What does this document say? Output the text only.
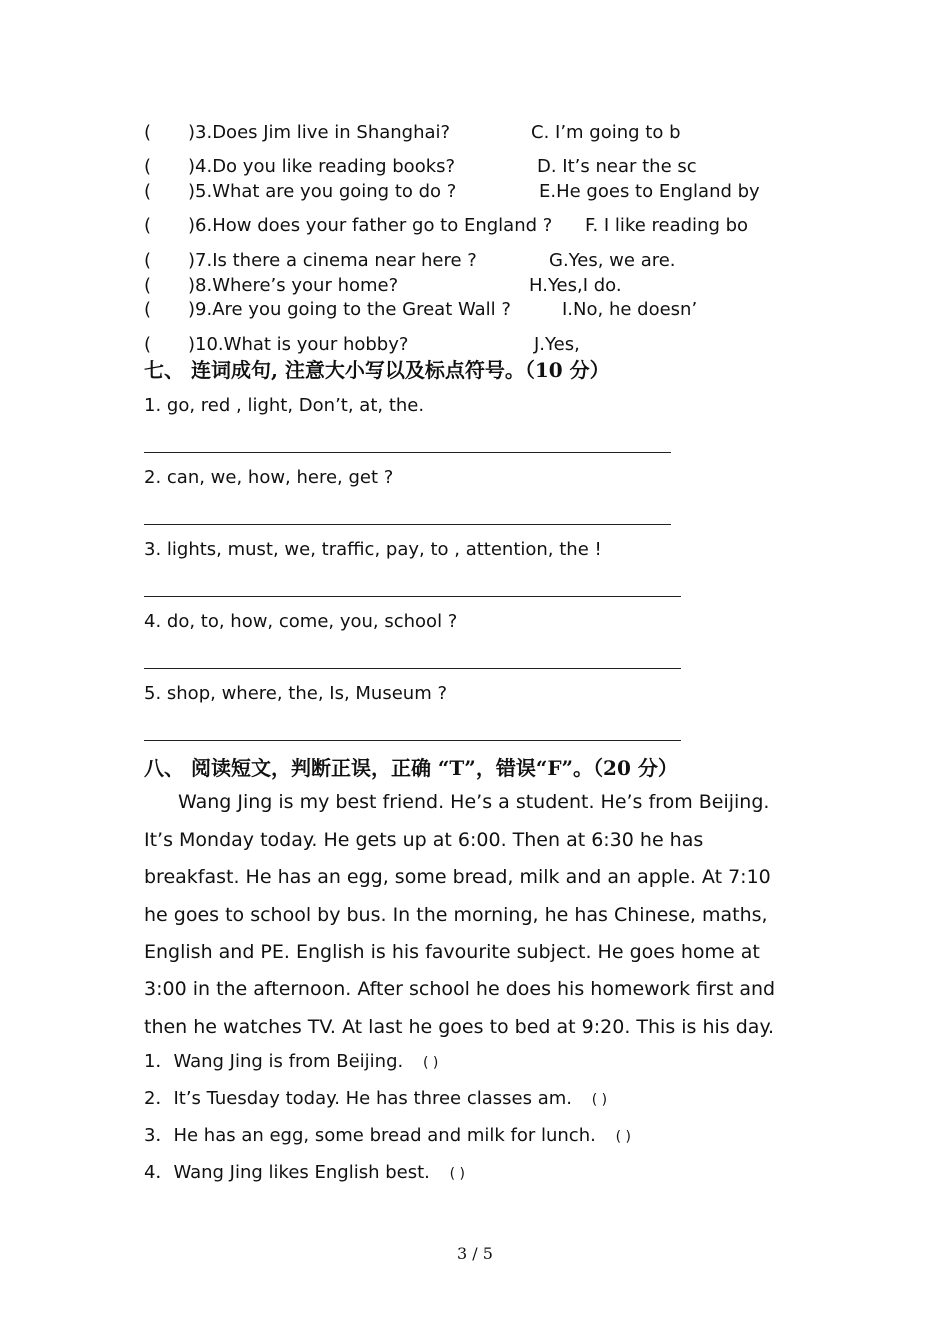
( )3.Does Jim live in Shanghai?	C. I’m going to b
( )4.Do you like reading books?	D. It’s near the sc
( )5.What are you going to do ?	E.He goes to England by
( )6.How does your father go to England ? F. I like reading bo
( )7.Is there a cinema near here ?	G.Yes, we are.
( )8.Where’s your home?	H.Yes,I do.
( )9.Are you going to the Great Wall ?	I.No, he doesn’
( )10.What is your hobby?	J.Yes,
七、 连词成句, 注意大小写以及标点符号。（10 分）
1. go, red , light, Don’t, at, the.
2. can, we, how, here, get ?
3. lights, must, we, traffic, pay, to , attention, the !
4. do, to, how, come, you, school ?
5. shop, where, the, Is, Museum ?
八、 阅读短文，判断正误，正确 “T”，错误“F”。（20 分）
Wang Jing is my best friend. He’s a student. He’s from Beijing.
It’s Monday today. He gets up at 6:00. Then at 6:30 he has
breakfast. He has an egg, some bread, milk and an apple. At 7:10
he goes to school by bus. In the morning, he has Chinese, maths,
English and PE. English is his favourite subject. He goes home at
3:00 in the afternoon. After school he does his homework first and
then he watches TV. At last he goes to bed at 9:20. This is his day.
1．Wang Jing is from Beijing. ( )
2．It’s Tuesday today. He has three classes am. ( )
3．He has an egg, some bread and milk for lunch. ( )
4．Wang Jing likes English best. ( )
3 / 5
